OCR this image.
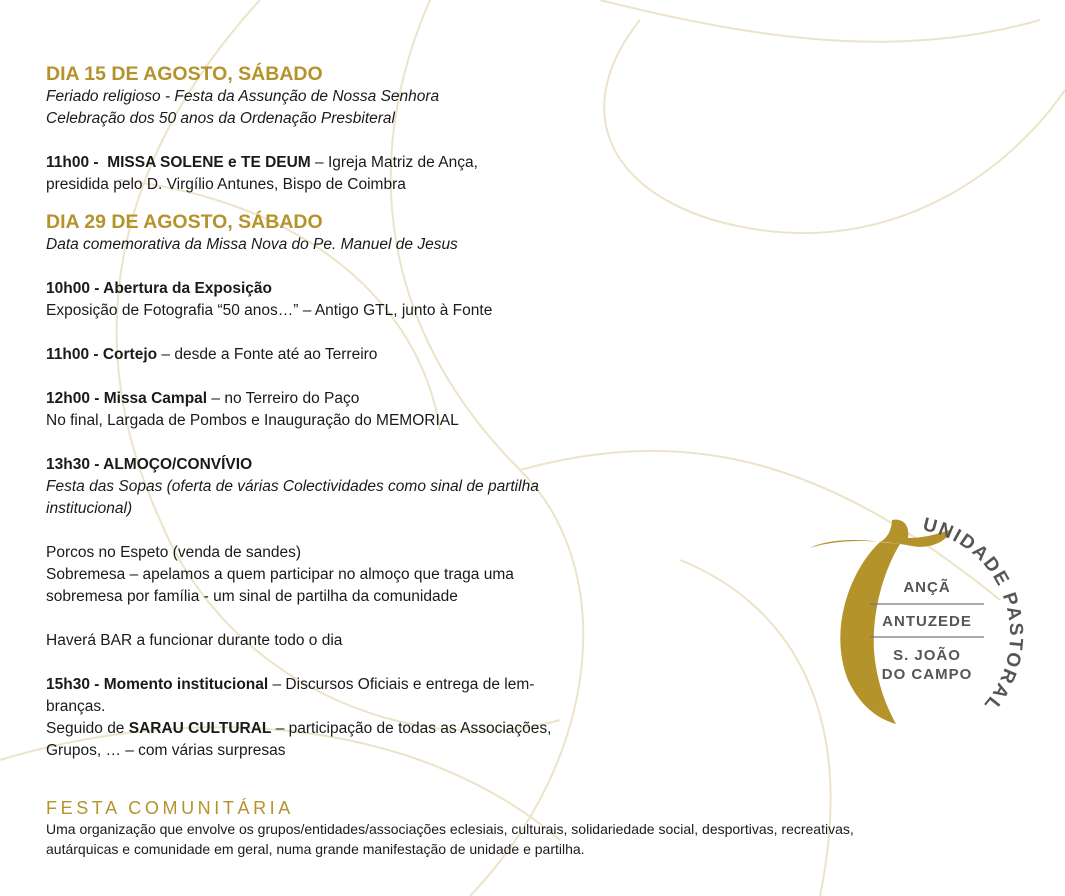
DIA 15 DE AGOSTO, SÁBADO
Feriado religioso - Festa da Assunção de Nossa Senhora
Celebração dos 50 anos da Ordenação Presbiteral
11h00 - MISSA SOLENE e TE DEUM – Igreja Matriz de Ança,
presidida pelo D. Virgílio Antunes, Bispo de Coimbra
DIA 29 DE AGOSTO, SÁBADO
Data comemorativa da Missa Nova do Pe. Manuel de Jesus
10h00 - Abertura da Exposição
Exposição de Fotografia “50 anos…” – Antigo GTL, junto à Fonte
11h00 - Cortejo – desde a Fonte até ao Terreiro
12h00 - Missa Campal – no Terreiro do Paço
No final, Largada de Pombos e Inauguração do MEMORIAL
13h30 - ALMOÇO/CONVÍVIO
Festa das Sopas (oferta de várias Colectividades como sinal de partilha
institucional)
Porcos no Espeto (venda de sandes)
Sobremesa – apelamos a quem participar no almoço que traga uma
sobremesa por família - um sinal de partilha da comunidade
Haverá BAR a funcionar durante todo o dia
15h30 - Momento institucional – Discursos Oficiais e entrega de lem-
branças.
Seguido de SARAU CULTURAL – participação de todas as Associações,
Grupos, … – com várias surpresas
FESTA COMUNITÁRIA
Uma organização que envolve os grupos/entidades/associações eclesiais, culturais, solidariedade social, desportivas, recreativas,
autárquicas e comunidade em geral, numa grande manifestação de unidade e partilha.
UNIDADE PASTORAL
ANÇÃ
ANTUZEDE
S. JOÃO
DO CAMPO
